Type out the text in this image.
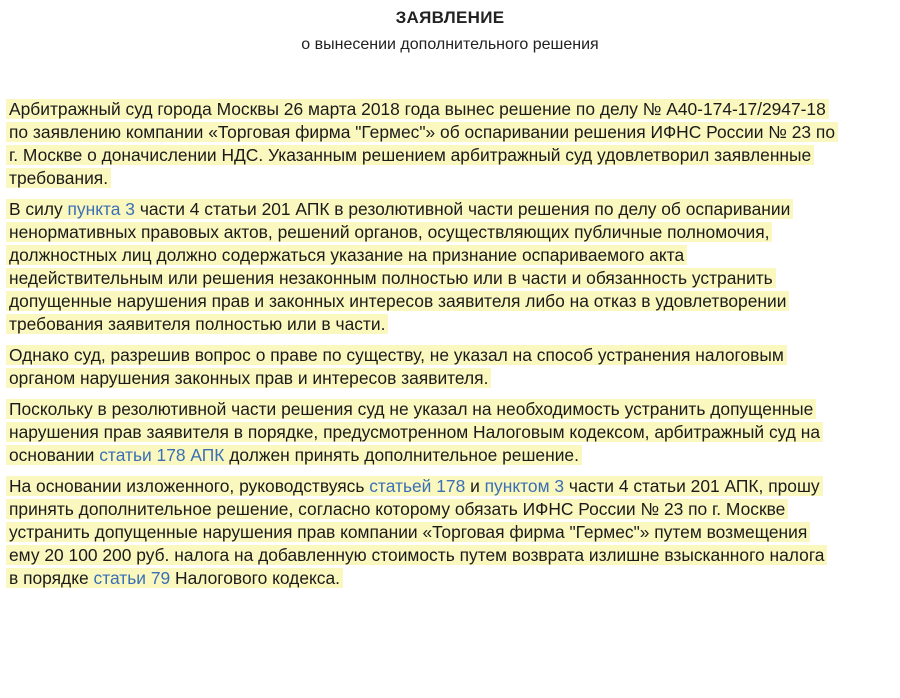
ЗАЯВЛЕНИЕ
о вынесении дополнительного решения

Арбитражный суд города Москвы 26 марта 2018 года вынес решение по делу № А40-174-17/2947-18 по заявлению компании «Торговая фирма "Гермес"» об оспаривании решения ИФНС России № 23 по г. Москве о доначислении НДС. Указанным решением арбитражный суд удовлетворил заявленные требования.

В силу пункта 3 части 4 статьи 201 АПК в резолютивной части решения по делу об оспаривании ненормативных правовых актов, решений органов, осуществляющих публичные полномочия, должностных лиц должно содержаться указание на признание оспариваемого акта недействительным или решения незаконным полностью или в части и обязанность устранить допущенные нарушения прав и законных интересов заявителя либо на отказ в удовлетворении требования заявителя полностью или в части.

Однако суд, разрешив вопрос о праве по существу, не указал на способ устранения налоговым органом нарушения законных прав и интересов заявителя.

Поскольку в резолютивной части решения суд не указал на необходимость устранить допущенные нарушения прав заявителя в порядке, предусмотренном Налоговым кодексом, арбитражный суд на основании статьи 178 АПК должен принять дополнительное решение.

На основании изложенного, руководствуясь статьей 178 и пунктом 3 части 4 статьи 201 АПК, прошу принять дополнительное решение, согласно которому обязать ИФНС России № 23 по г. Москве устранить допущенные нарушения прав компании «Торговая фирма "Гермес"» путем возмещения ему 20 100 200 руб. налога на добавленную стоимость путем возврата излишне взысканного налога в порядке статьи 79 Налогового кодекса.
